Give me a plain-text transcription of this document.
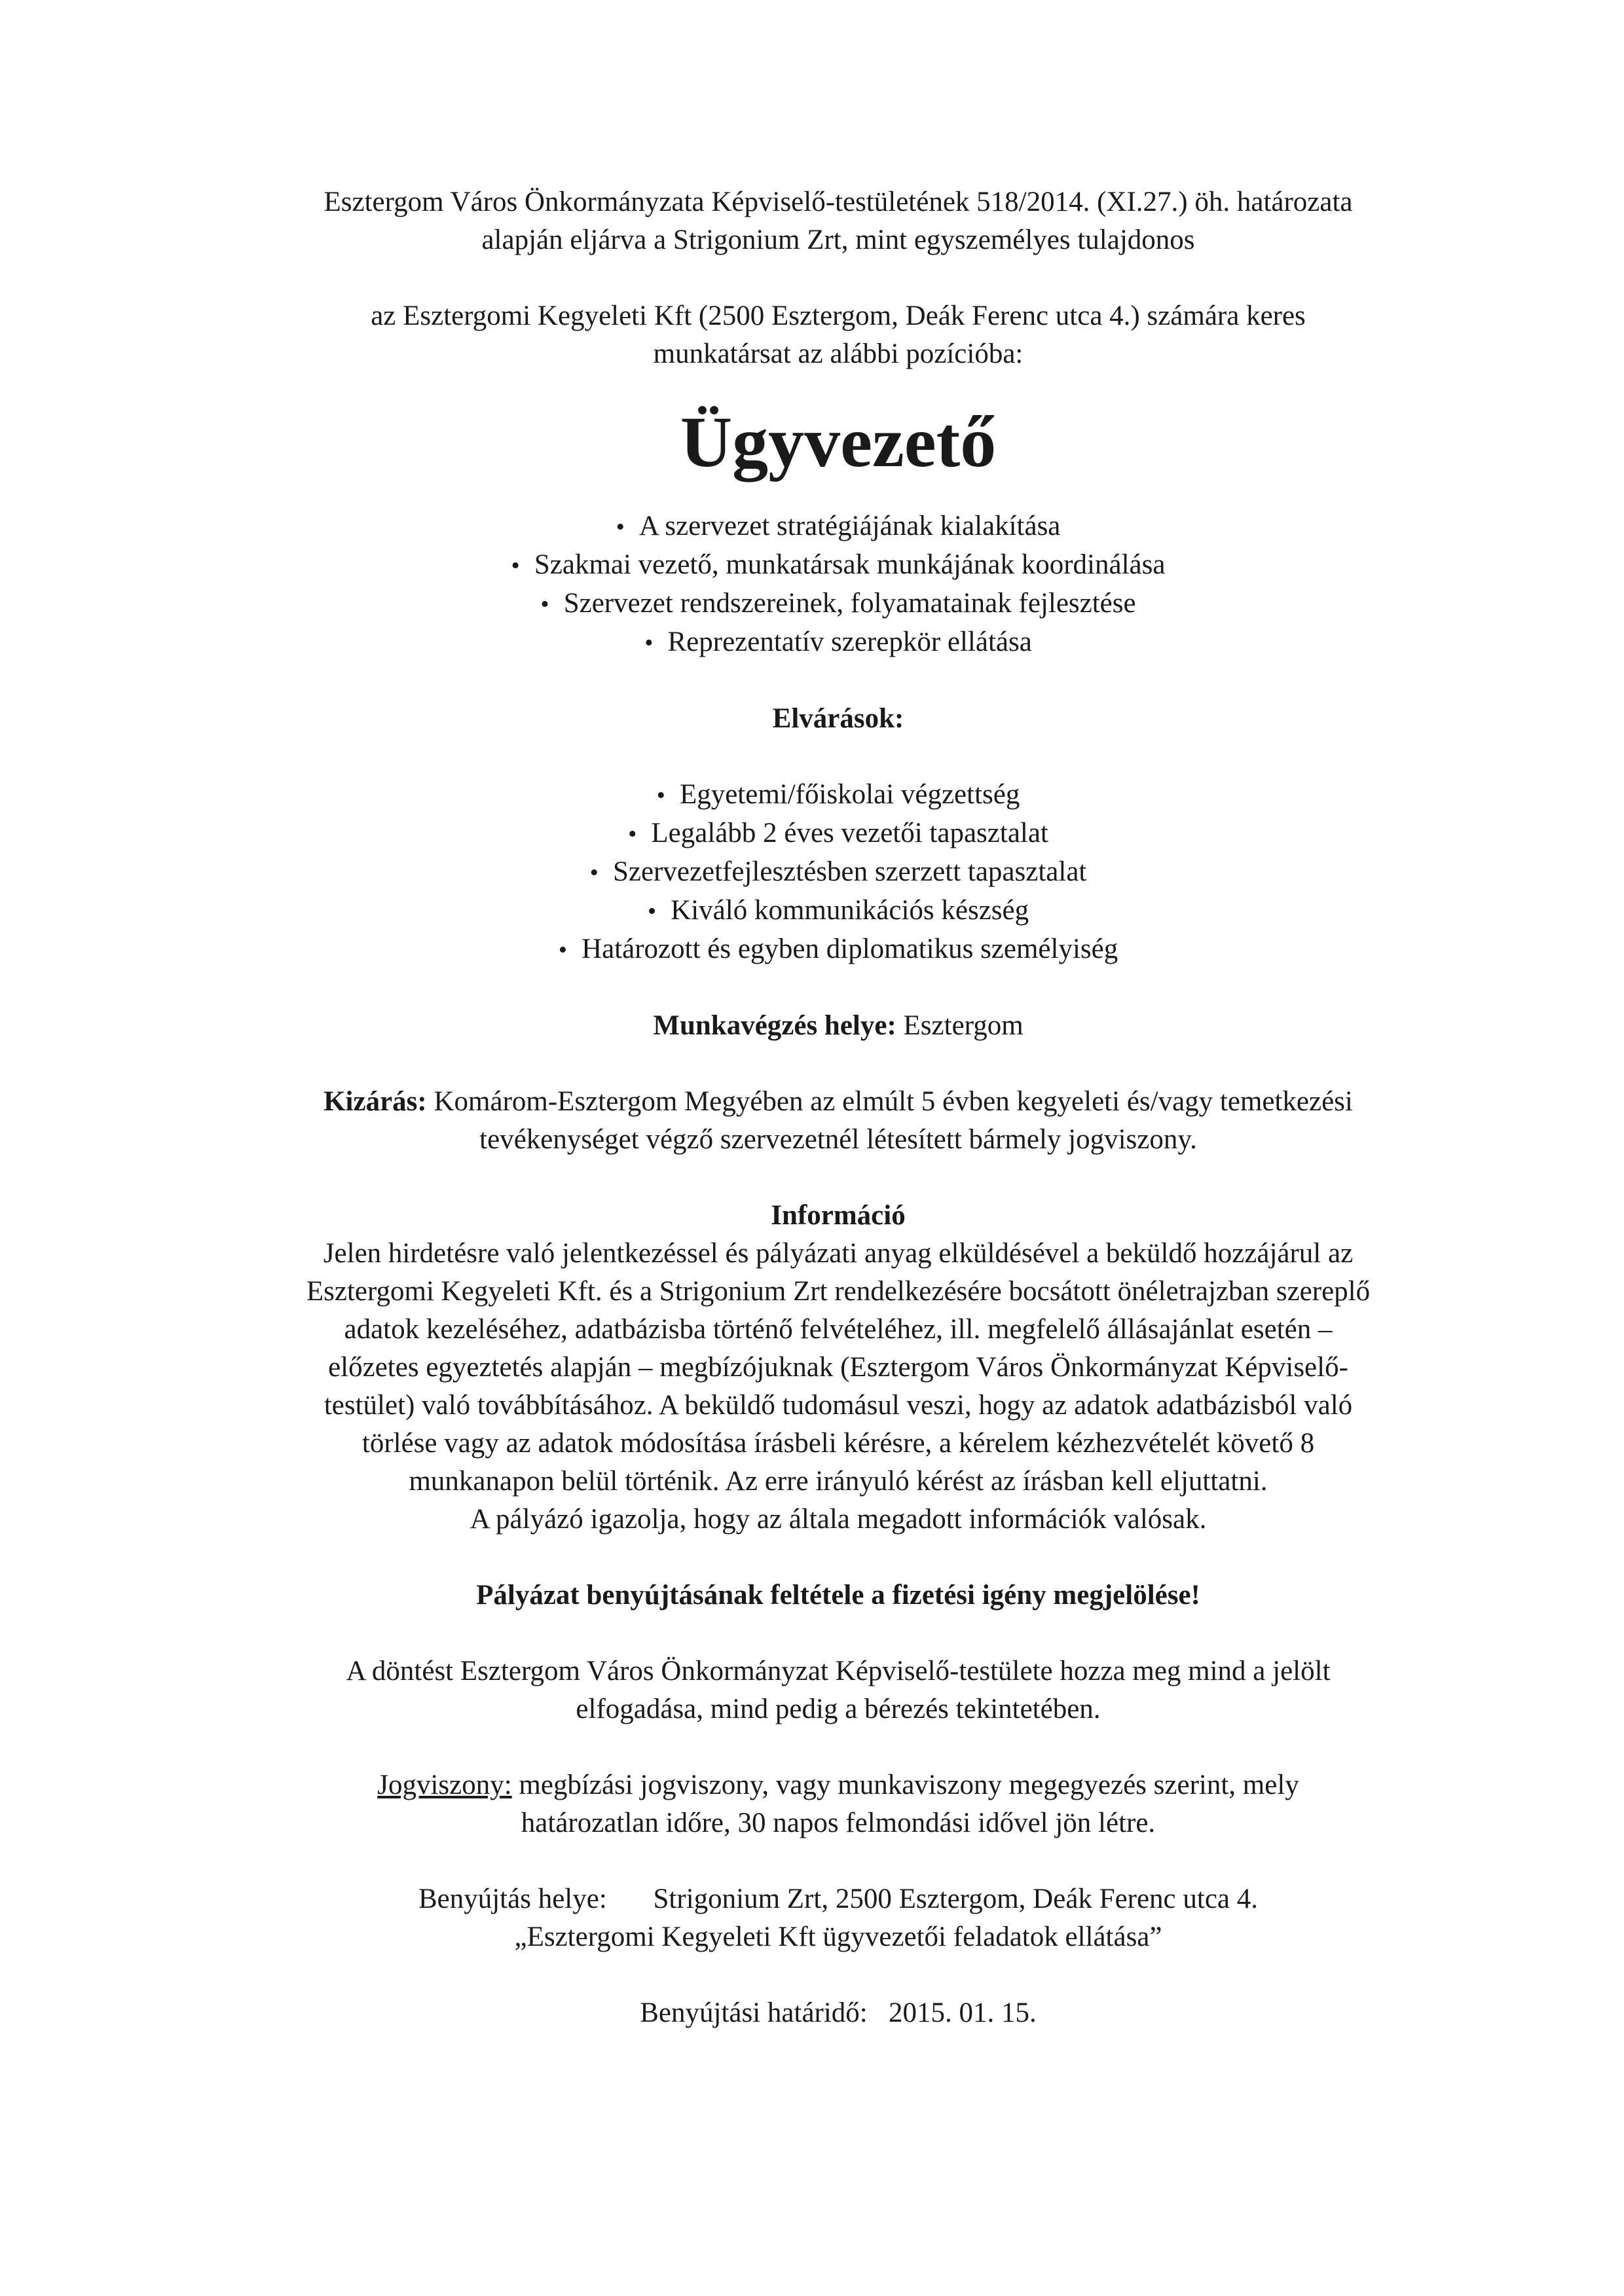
Esztergom Város Önkormányzata Képviselő-testületének 518/2014. (XI.27.) öh. határozata

alapján eljárva a Strigonium Zrt, mint egyszemélyes tulajdonos

az Esztergomi Kegyeleti Kft (2500 Esztergom, Deák Ferenc utca 4.) számára keres

munkatársat az alábbi pozícióba:

Ügyvezető
• A szervezet stratégiájának kialakítása
• Szakmai vezető, munkatársak munkájának koordinálása
• Szervezet rendszereinek, folyamatainak fejlesztése
• Reprezentatív szerepkör ellátása

Elvárások:

• Egyetemi/főiskolai végzettség
• Legalább 2 éves vezetői tapasztalat
• Szervezetfejlesztésben szerzett tapasztalat
• Kiváló kommunikációs készség
• Határozott és egyben diplomatikus személyiség

Munkavégzés helye: Esztergom

Kizárás: Komárom-Esztergom Megyében az elmúlt 5 évben kegyeleti és/vagy temetkezési

tevékenységet végző szervezetnél létesített bármely jogviszony.

Információ

Jelen hirdetésre való jelentkezéssel és pályázati anyag elküldésével a beküldő hozzájárul az

Esztergomi Kegyeleti Kft. és a Strigonium Zrt rendelkezésére bocsátott önéletrajzban szereplő

adatok kezeléséhez, adatbázisba történő felvételéhez, ill. megfelelő állásajánlat esetén –

előzetes egyeztetés alapján – megbízójuknak (Esztergom Város Önkormányzat Képviselő-

testület) való továbbításához. A beküldő tudomásul veszi, hogy az adatok adatbázisból való

törlése vagy az adatok módosítása írásbeli kérésre, a kérelem kézhezvételét követő 8

munkanapon belül történik. Az erre irányuló kérést az írásban kell eljuttatni.

A pályázó igazolja, hogy az általa megadott információk valósak.

Pályázat benyújtásának feltétele a fizetési igény megjelölése!

A döntést Esztergom Város Önkormányzat Képviselő-testülete hozza meg mind a jelölt

elfogadása, mind pedig a bérezés tekintetében.

Jogviszony: megbízási jogviszony, vagy munkaviszony megegyezés szerint, mely

határozatlan időre, 30 napos felmondási idővel jön létre.

Benyújtás helye: Strigonium Zrt, 2500 Esztergom, Deák Ferenc utca 4.

„Esztergomi Kegyeleti Kft ügyvezetői feladatok ellátása”

Benyújtási határidő: 2015. 01. 15.
